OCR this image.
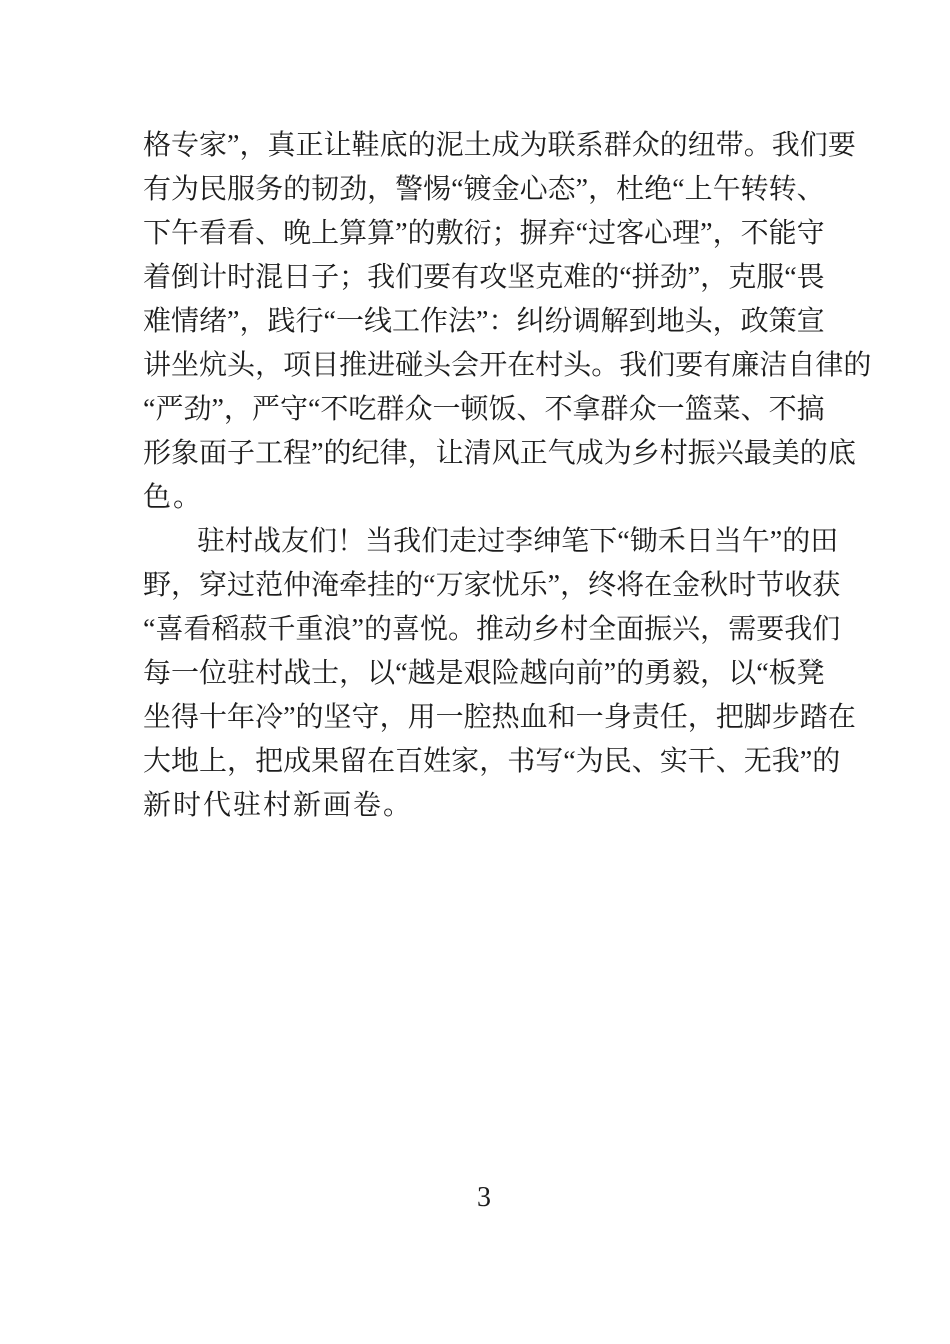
格 专 家 ” ， 真 正 让 鞋 底 的 泥 土 成 为 联 系 群 众 的 纽 带 。 我 们 要
有 为 民 服 务 的 韧 劲 ， 警 惕 “ 镀 金 心 态 ” ， 杜 绝 “ 上 午 转 转 、
下 午 看 看 、 晚 上 算 算 ” 的 敷 衍 ； 摒 弃 “ 过 客 心 理 ” ， 不 能 守
着 倒 计 时 混 日 子 ； 我 们 要 有 攻 坚 克 难 的 “ 拼 劲 ” ， 克 服 “ 畏
难 情 绪 ” ， 践 行 “ 一 线 工 作 法 ” ： 纠 纷 调 解 到 地 头 ， 政 策 宣
讲 坐 炕 头 ， 项 目 推 进 碰 头 会 开 在 村 头 。 我 们 要 有 廉 洁 自 律 的
“ 严 劲 ” ， 严 守 “ 不 吃 群 众 一 顿 饭 、 不 拿 群 众 一 篮 菜 、 不 搞
形 象 面 子 工 程 ” 的 纪 律 ， 让 清 风 正 气 成 为 乡 村 振 兴 最 美 的 底
色。
驻 村 战 友 们 ！ 当 我 们 走 过 李 绅 笔 下 “ 锄 禾 日 当 午 ” 的 田
野 ， 穿 过 范 仲 淹 牵 挂 的 “ 万 家 忧 乐 ” ， 终 将 在 金 秋 时 节 收 获
“ 喜 看 稻 菽 千 重 浪 ” 的 喜 悦 。 推 动 乡 村 全 面 振 兴 ， 需 要 我 们
每 一 位 驻 村 战 士 ， 以 “ 越 是 艰 险 越 向 前 ” 的 勇 毅 ， 以 “ 板 凳
坐 得 十 年 冷 ” 的 坚 守 ， 用 一 腔 热 血 和 一 身 责 任 ， 把 脚 步 踏 在
大 地 上 ， 把 成 果 留 在 百 姓 家 ， 书 写 “ 为 民 、 实 干 、 无 我 ” 的
新时代驻村新画卷。
3
